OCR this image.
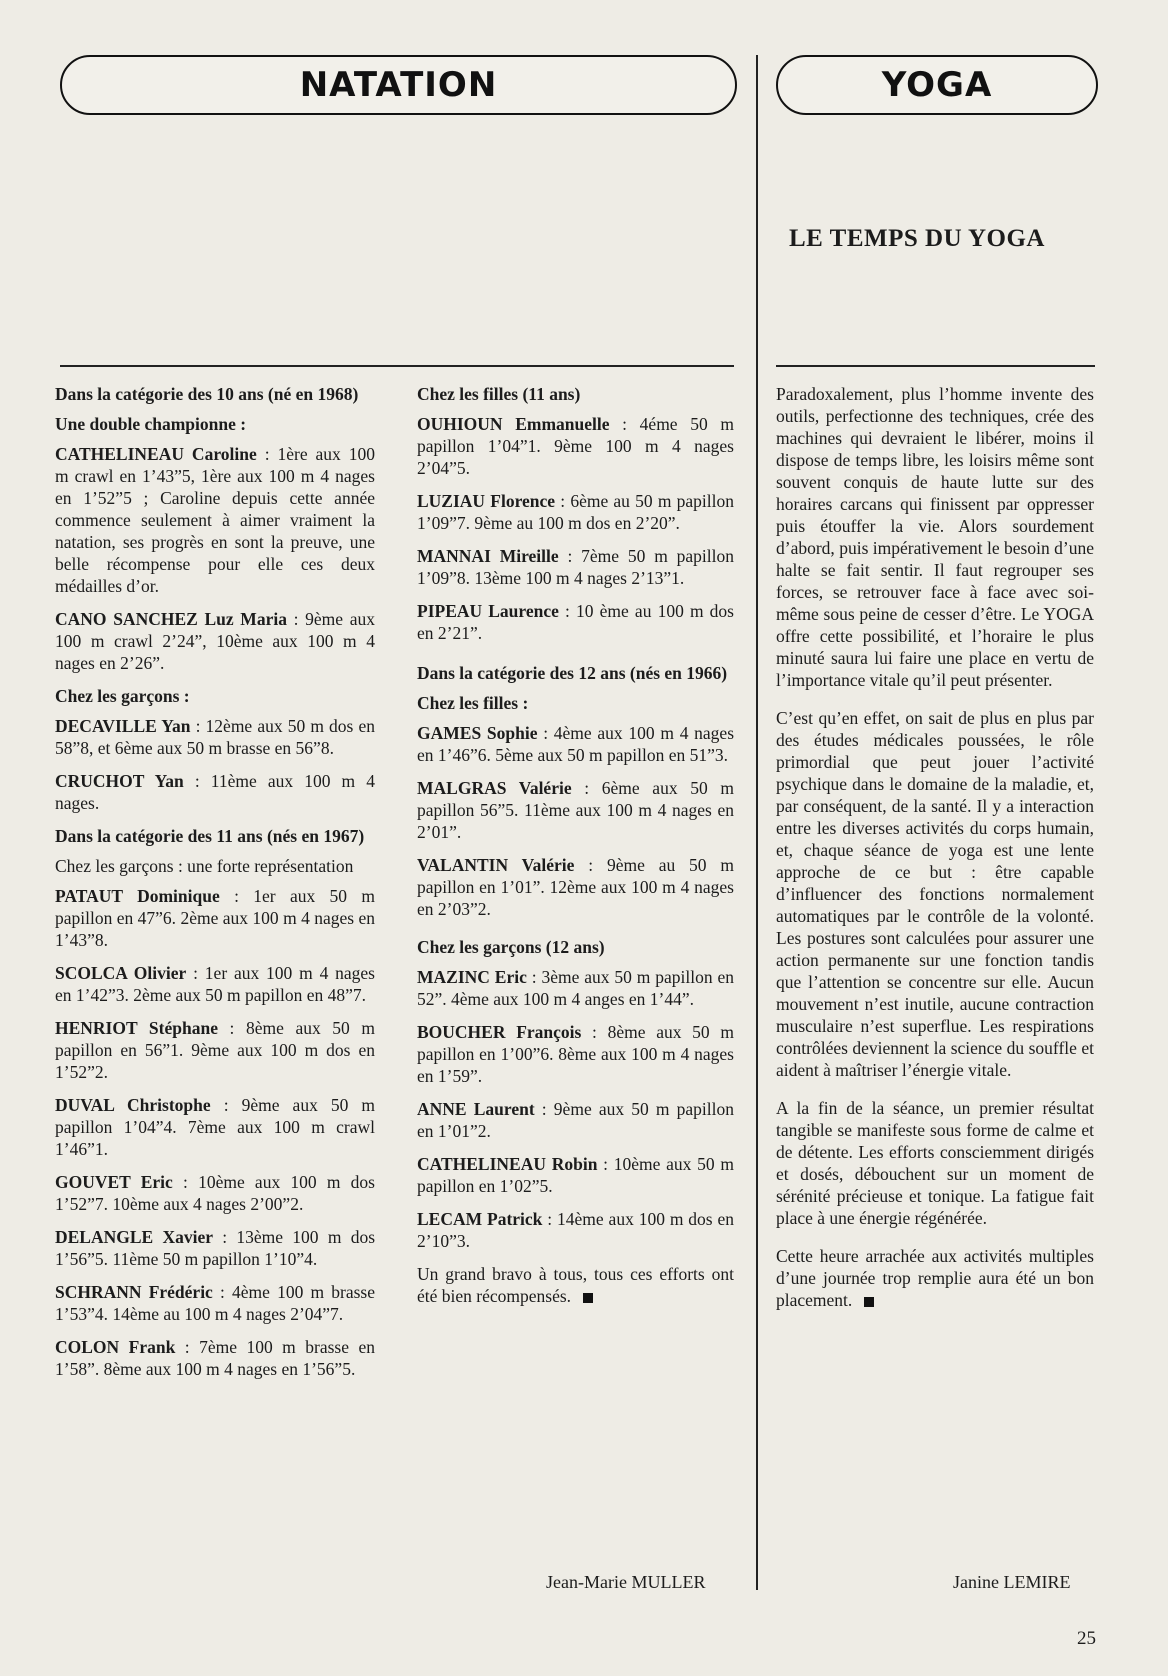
NATATION	YOGA
LE TEMPS DU YOGA

Dans la catégorie des 10 ans (né en 1968)

Une double championne :

CATHELINEAU Caroline : 1ère aux 100 m crawl en 1’43”5, 1ère aux 100 m 4 nages en 1’52”5 ; Caroline depuis cette année commence seulement à aimer vraiment la natation, ses progrès en sont la preuve, une belle récompense pour elle ces deux médailles d’or.

CANO SANCHEZ Luz Maria : 9ème aux 100 m crawl 2’24”, 10ème aux 100 m 4 nages en 2’26”.

Chez les garçons :

DECAVILLE Yan : 12ème aux 50 m dos en 58”8, et 6ème aux 50 m brasse en 56”8.

CRUCHOT Yan : 11ème aux 100 m 4 nages.

Dans la catégorie des 11 ans (nés en 1967)

Chez les garçons : une forte représentation

PATAUT Dominique : 1er aux 50 m papillon en 47”6. 2ème aux 100 m 4 nages en 1’43”8.

SCOLCA Olivier : 1er aux 100 m 4 nages en 1’42”3. 2ème aux 50 m papillon en 48”7.

HENRIOT Stéphane : 8ème aux 50 m papillon en 56”1. 9ème aux 100 m dos en 1’52”2.

DUVAL Christophe : 9ème aux 50 m papillon 1’04”4. 7ème aux 100 m crawl 1’46”1.

GOUVET Eric : 10ème aux 100 m dos 1’52”7. 10ème aux 4 nages 2’00”2.

DELANGLE Xavier : 13ème 100 m dos 1’56”5. 11ème 50 m papillon 1’10”4.

SCHRANN Frédéric : 4ème 100 m brasse 1’53”4. 14ème au 100 m 4 nages 2’04”7.

COLON Frank : 7ème 100 m brasse en 1’58”. 8ème aux 100 m 4 nages en 1’56”5.

Chez les filles (11 ans)

OUHIOUN Emmanuelle : 4éme 50 m papillon 1’04”1. 9ème 100 m 4 nages 2’04”5.

LUZIAU Florence : 6ème au 50 m papillon 1’09”7. 9ème au 100 m dos en 2’20”.

MANNAI Mireille : 7ème 50 m papillon 1’09”8. 13ème 100 m 4 nages 2’13”1.

PIPEAU Laurence : 10 ème au 100 m dos en 2’21”.

Dans la catégorie des 12 ans (nés en 1966)

Chez les filles :

GAMES Sophie : 4ème aux 100 m 4 nages en 1’46”6. 5ème aux 50 m papillon en 51”3.

MALGRAS Valérie : 6ème aux 50 m papillon 56”5. 11ème aux 100 m 4 nages en 2’01”.

VALANTIN Valérie : 9ème au 50 m papillon en 1’01”. 12ème aux 100 m 4 nages en 2’03”2.

Chez les garçons (12 ans)

MAZINC Eric : 3ème aux 50 m papillon en 52”. 4ème aux 100 m 4 anges en 1’44”.

BOUCHER François : 8ème aux 50 m papillon en 1’00”6. 8ème aux 100 m 4 nages en 1’59”.

ANNE Laurent : 9ème aux 50 m papillon en 1’01”2.

CATHELINEAU Robin : 10ème aux 50 m papillon en 1’02”5.

LECAM Patrick : 14ème aux 100 m dos en 2’10”3.

Un grand bravo à tous, tous ces efforts ont été bien récompensés.

Paradoxalement, plus l’homme invente des outils, perfectionne des techniques, crée des machines qui devraient le libérer, moins il dispose de temps libre, les loisirs même sont souvent conquis de haute lutte sur des horaires carcans qui finissent par oppresser puis étouffer la vie. Alors sourdement d’abord, puis impérativement le besoin d’une halte se fait sentir. Il faut regrouper ses forces, se retrouver face à face avec soi-même sous peine de cesser d’être. Le YOGA offre cette possibilité, et l’horaire le plus minuté saura lui faire une place en vertu de l’importance vitale qu’il peut présenter.

C’est qu’en effet, on sait de plus en plus par des études médicales poussées, le rôle primordial que peut jouer l’activité psychique dans le domaine de la maladie, et, par conséquent, de la santé. Il y a interaction entre les diverses activités du corps humain, et, chaque séance de yoga est une lente approche de ce but : être capable d’influencer des fonctions normalement automatiques par le contrôle de la volonté. Les postures sont calculées pour assurer une action permanente sur une fonction tandis que l’attention se concentre sur elle. Aucun mouvement n’est inutile, aucune contraction musculaire n’est superflue. Les respirations contrôlées deviennent la science du souffle et aident à maîtriser l’énergie vitale.

A la fin de la séance, un premier résultat tangible se manifeste sous forme de calme et de détente. Les efforts consciemment dirigés et dosés, débouchent sur un moment de sérénité précieuse et tonique. La fatigue fait place à une énergie régénérée.

Cette heure arrachée aux activités multiples d’une journée trop remplie aura été un bon placement.

Jean-Marie MULLER	Janine LEMIRE
25
